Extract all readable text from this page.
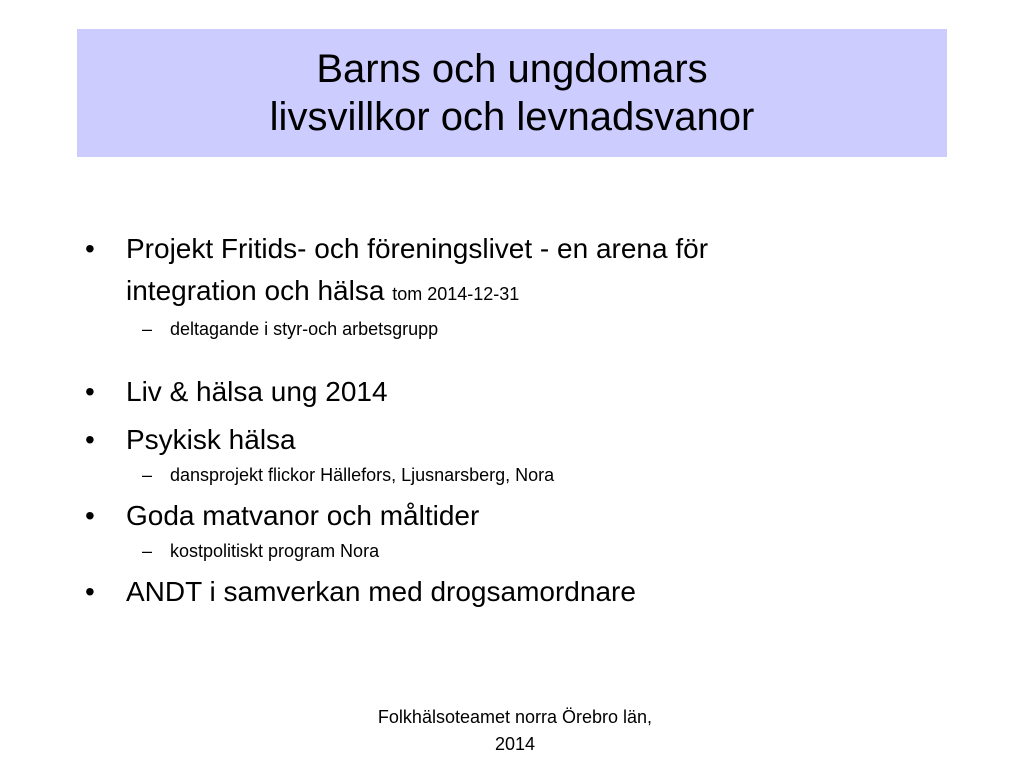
Barns och ungdomars
livsvillkor och levnadsvanor
•	Projekt Fritids- och föreningslivet - en arena för
integration och hälsa tom 2014-12-31
– deltagande i styr-och arbetsgrupp
•	Liv & hälsa ung 2014
•	Psykisk hälsa
– dansprojekt flickor Hällefors, Ljusnarsberg, Nora
•	Goda matvanor och måltider
– kostpolitiskt program Nora
•	ANDT i samverkan med drogsamordnare
Folkhälsoteamet norra Örebro län,
2014
